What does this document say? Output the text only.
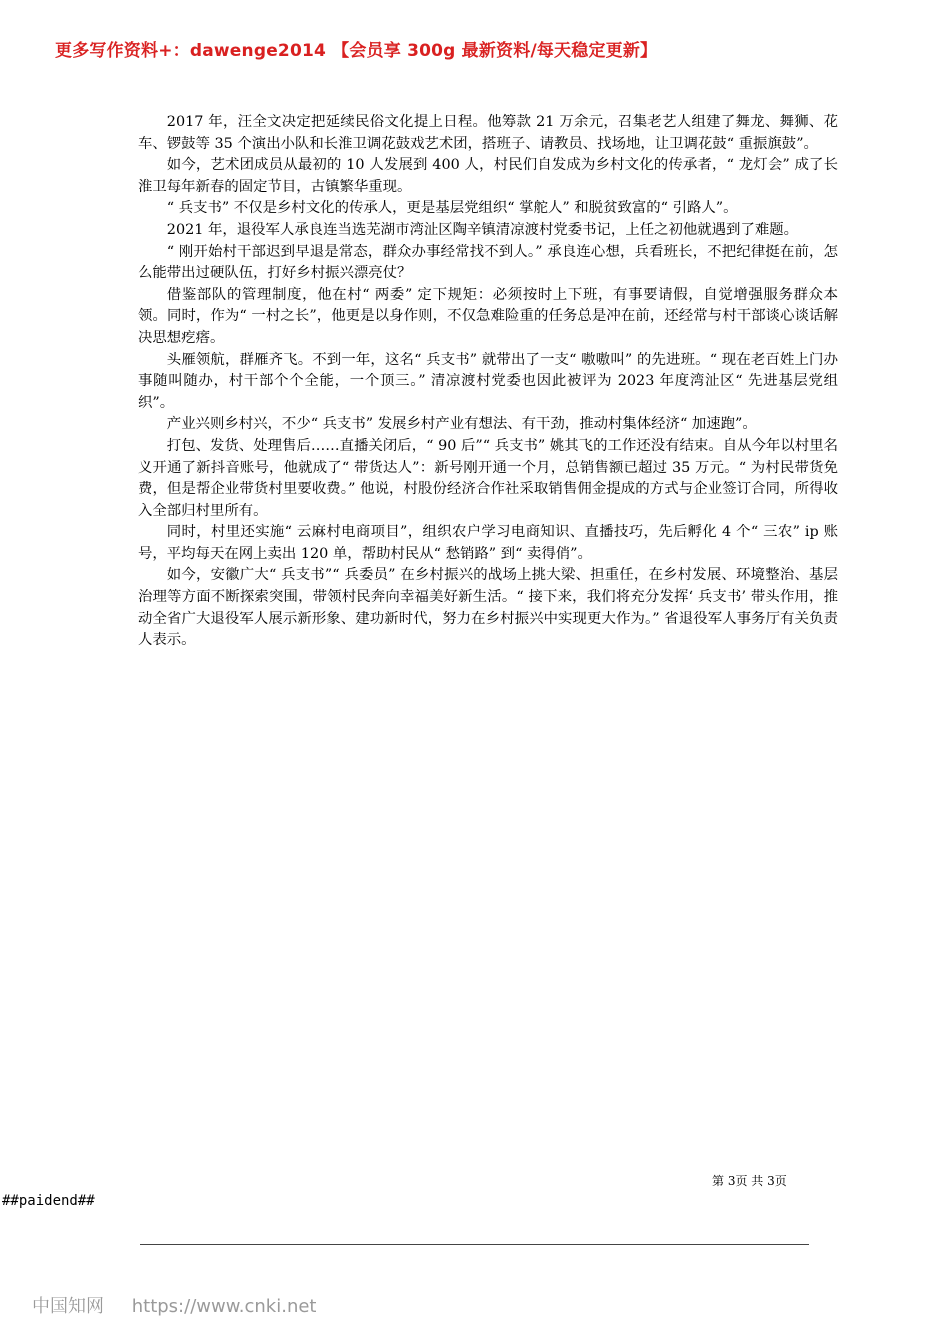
更多写作资料+：dawenge2014 【会员享 300g 最新资料/每天稳定更新】

2017 年，汪全文决定把延续民俗文化提上日程。他筹款 21 万余元，召集老艺人组建了舞龙、舞狮、花车、锣鼓等 35 个演出小队和长淮卫调花鼓戏艺术团，搭班子、请教员、找场地，让卫调花鼓“ 重振旗鼓”。

如今，艺术团成员从最初的 10 人发展到 400 人，村民们自发成为乡村文化的传承者，“ 龙灯会” 成了长淮卫每年新春的固定节目，古镇繁华重现。

“ 兵支书” 不仅是乡村文化的传承人，更是基层党组织“ 掌舵人” 和脱贫致富的“ 引路人”。

2021 年，退役军人承良连当选芜湖市湾沚区陶辛镇清凉渡村党委书记，上任之初他就遇到了难题。

“ 刚开始村干部迟到早退是常态，群众办事经常找不到人。” 承良连心想，兵看班长，不把纪律挺在前，怎么能带出过硬队伍，打好乡村振兴漂亮仗？

借鉴部队的管理制度，他在村“ 两委” 定下规矩：必须按时上下班，有事要请假，自觉增强服务群众本领。同时，作为“ 一村之长”，他更是以身作则，不仅急难险重的任务总是冲在前，还经常与村干部谈心谈话解决思想疙瘩。

头雁领航，群雁齐飞。不到一年，这名“ 兵支书” 就带出了一支“ 嗷嗷叫” 的先进班。“ 现在老百姓上门办事随叫随办，村干部个个全能，一个顶三。” 清凉渡村党委也因此被评为 2023 年度湾沚区“ 先进基层党组织”。

产业兴则乡村兴，不少“ 兵支书” 发展乡村产业有想法、有干劲，推动村集体经济“ 加速跑”。

打包、发货、处理售后……直播关闭后，“ 90 后”“ 兵支书” 姚其飞的工作还没有结束。自从今年以村里名义开通了新抖音账号，他就成了“ 带货达人”：新号刚开通一个月，总销售额已超过 35 万元。“ 为村民带货免费，但是帮企业带货村里要收费。” 他说，村股份经济合作社采取销售佣金提成的方式与企业签订合同，所得收入全部归村里所有。

同时，村里还实施“ 云麻村电商项目”，组织农户学习电商知识、直播技巧，先后孵化 4 个“ 三农” ip 账号，平均每天在网上卖出 120 单，帮助村民从“ 愁销路” 到“ 卖得俏”。

如今，安徽广大“ 兵支书”“ 兵委员” 在乡村振兴的战场上挑大梁、担重任，在乡村发展、环境整治、基层治理等方面不断探索突围，带领村民奔向幸福美好新生活。“ 接下来，我们将充分发挥‘ 兵支书’ 带头作用，推动全省广大退役军人展示新形象、建功新时代，努力在乡村振兴中实现更大作为。” 省退役军人事务厅有关负责人表示。

第 3页 共 3页
##paidend##
中国知网 https://www.cnki.net
